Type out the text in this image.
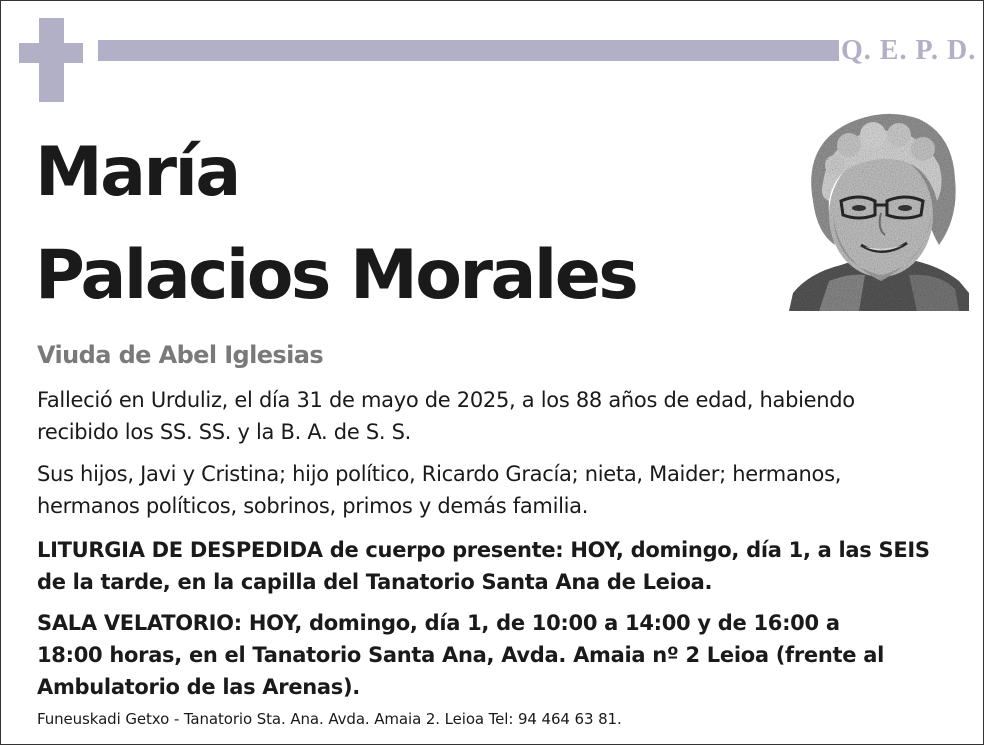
Q. E. P. D.
María
Palacios Morales
Viuda de Abel Iglesias

Falleció en Urduliz, el día 31 de mayo de 2025, a los 88 años de edad, habiendo
recibido los SS. SS. y la B. A. de S. S.

Sus hijos, Javi y Cristina; hijo político, Ricardo Gracía; nieta, Maider; hermanos,
hermanos políticos, sobrinos, primos y demás familia.

LITURGIA DE DESPEDIDA de cuerpo presente: HOY, domingo, día 1, a las SEIS
de la tarde, en la capilla del Tanatorio Santa Ana de Leioa.

SALA VELATORIO: HOY, domingo, día 1, de 10:00 a 14:00 y de 16:00 a
18:00 horas, en el Tanatorio Santa Ana, Avda. Amaia nº 2 Leioa (frente al
Ambulatorio de las Arenas).

Funeuskadi Getxo - Tanatorio Sta. Ana. Avda. Amaia 2. Leioa Tel: 94 464 63 81.
